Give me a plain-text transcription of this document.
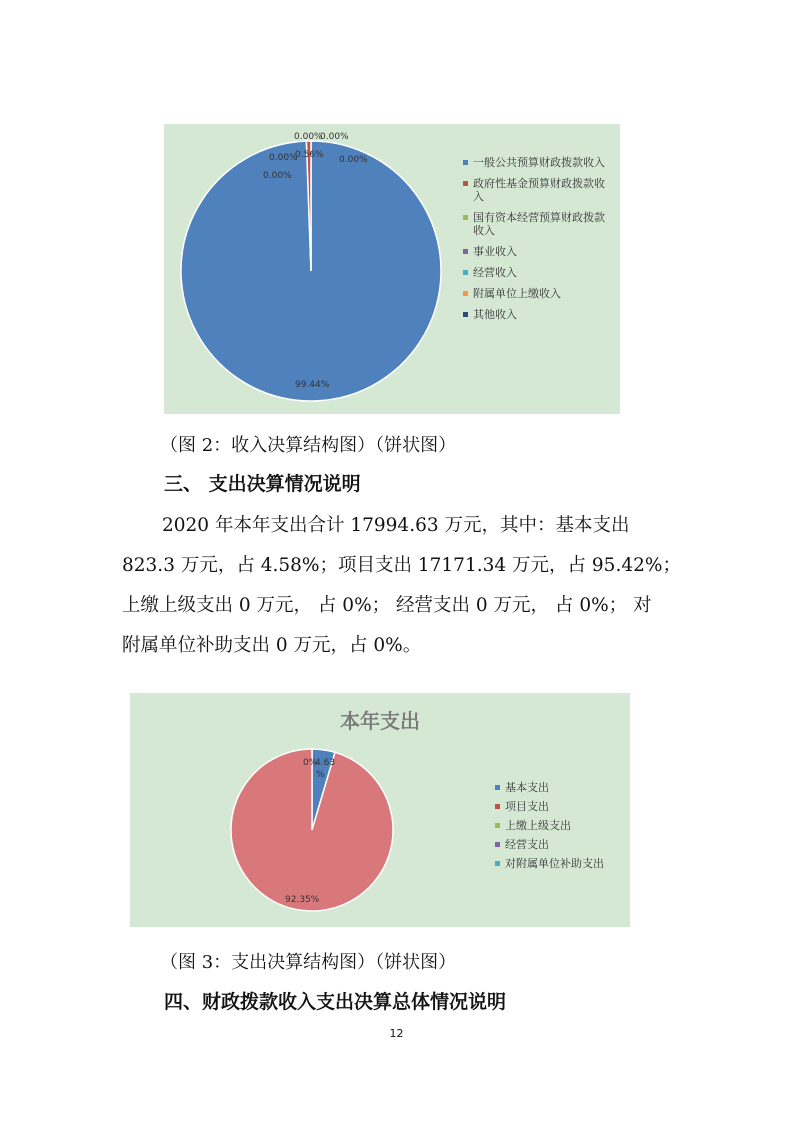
0.00%
0.00%
0.00%
0.56% 0.00%
0.00%
99.44%
一般公共预算财政拨款收入
政府性基金预算财政拨款收入
国有资本经营预算财政拨款收入
事业收入
经营收入
附属单位上缴收入
其他收入
（图 2：收入决算结构图）（饼状图）
三、 支出决算情况说明
2020 年本年支出合计 17994.63 万元，其中：基本支出
823.3 万元，占 4.58%；项目支出 17171.34 万元，占 95.42%；
上缴上级支出 0 万元， 占 0%； 经营支出 0 万元， 占 0%； 对
附属单位补助支出 0 万元，占 0%。
本年支出
0%
4.63
%
92.35%
基本支出
项目支出
上缴上级支出
经营支出
对附属单位补助支出
（图 3：支出决算结构图）（饼状图）
四、财政拨款收入支出决算总体情况说明
12
